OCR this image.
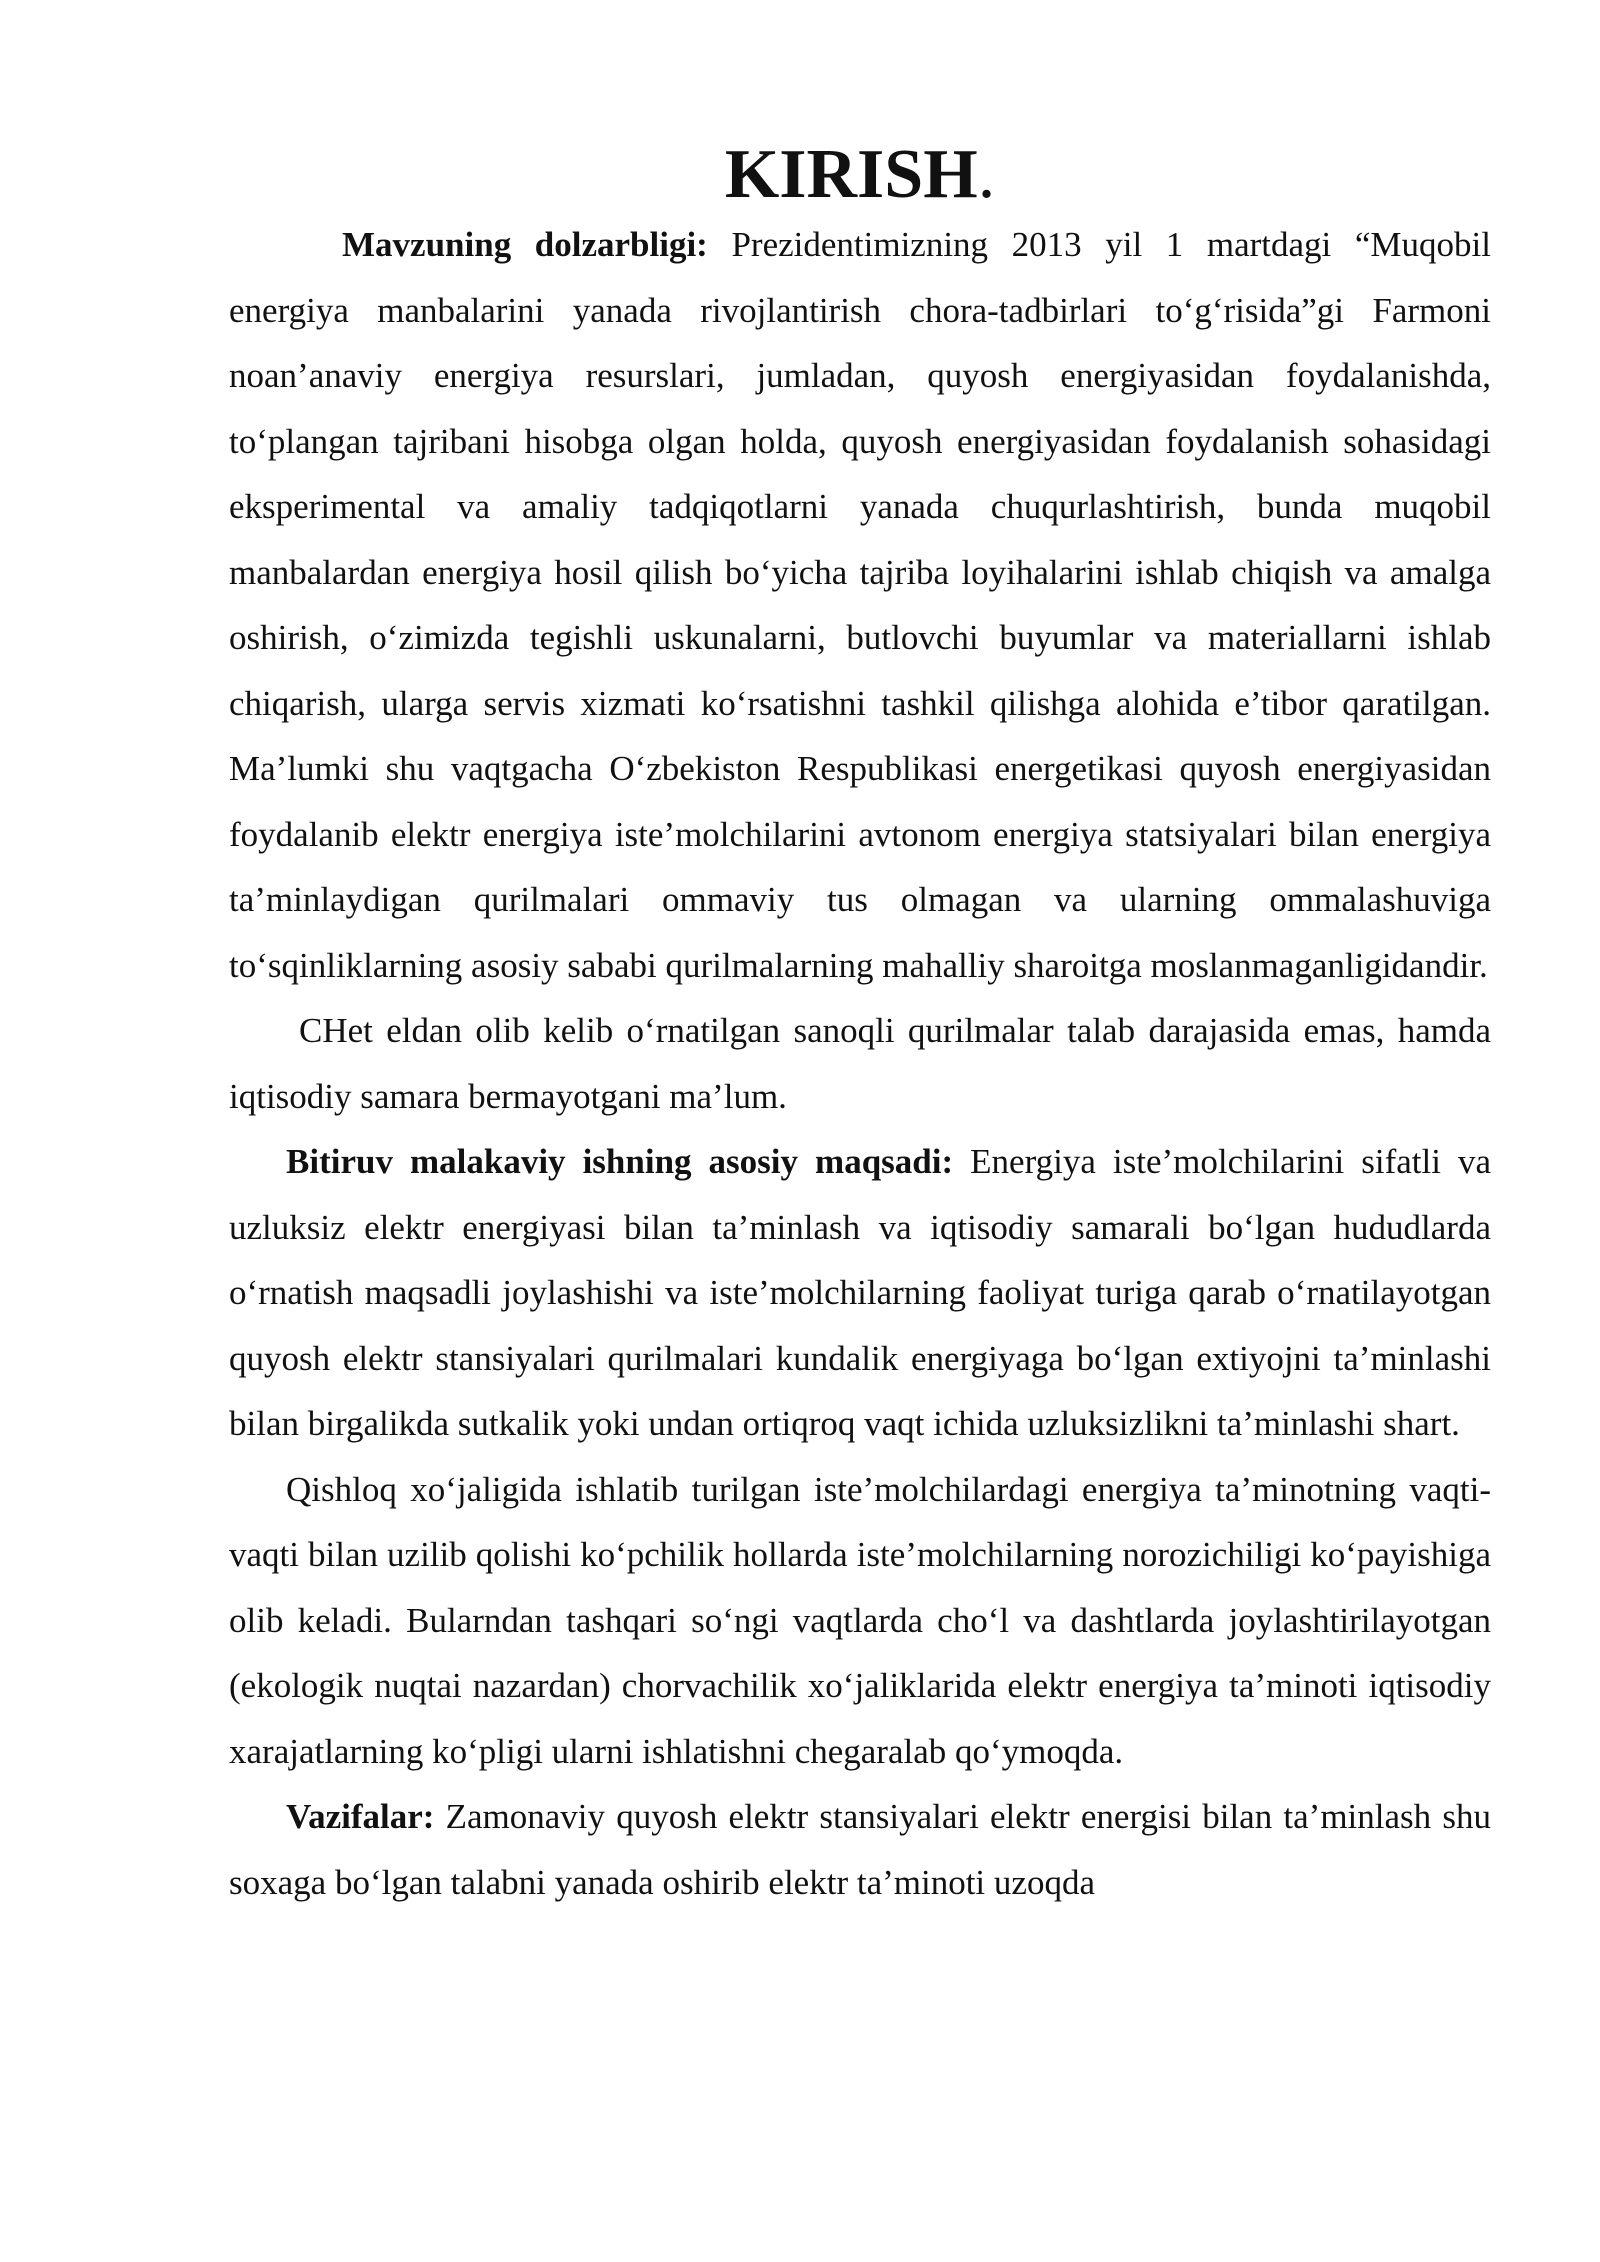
KIRISH.

Mavzuning dolzarbligi: Prezidentimizning 2013 yil 1 martdagi “Muqobil energiya manbalarini yanada rivojlantirish chora-tadbirlari to‘g‘risida”gi Farmoni noan’anaviy energiya resurslari, jumladan, quyosh energiyasidan foydalanishda, to‘plangan tajribani hisobga olgan holda, quyosh energiyasidan foydalanish sohasidagi eksperimental va amaliy tadqiqotlarni yanada chuqurlashtirish, bunda muqobil manbalardan energiya hosil qilish bo‘yicha tajriba loyihalarini ishlab chiqish va amalga oshirish, o‘zimizda tegishli uskunalarni, butlovchi buyumlar va materiallarni ishlab chiqarish, ularga servis xizmati ko‘rsatishni tashkil qilishga alohida e’tibor qaratilgan. Ma’lumki shu vaqtgacha O‘zbekiston Respublikasi energetikasi quyosh energiyasidan foydalanib elektr energiya iste’molchilarini avtonom energiya statsiyalari bilan energiya ta’minlaydigan qurilmalari ommaviy tus olmagan va ularning ommalashuviga to‘sqinliklarning asosiy sababi qurilmalarning mahalliy sharoitga moslanmaganligidandir.

CHet eldan olib kelib o‘rnatilgan sanoqli qurilmalar talab darajasida emas, hamda iqtisodiy samara bermayotgani ma’lum.

Bitiruv malakaviy ishning asosiy maqsadi: Energiya iste’molchilarini sifatli va uzluksiz elektr energiyasi bilan ta’minlash va iqtisodiy samarali bo‘lgan hududlarda o‘rnatish maqsadli joylashishi va iste’molchilarning faoliyat turiga qarab o‘rnatilayotgan quyosh elektr stansiyalari qurilmalari kundalik energiyaga bo‘lgan extiyojni ta’minlashi bilan birgalikda sutkalik yoki undan ortiqroq vaqt ichida uzluksizlikni ta’minlashi shart.

Qishloq xo‘jaligida ishlatib turilgan iste’molchilardagi energiya ta’minotning vaqti-vaqti bilan uzilib qolishi ko‘pchilik hollarda iste’molchilarning norozichiligi ko‘payishiga olib keladi. Bularndan tashqari so‘ngi vaqtlarda cho‘l va dashtlarda joylashtirilayotgan (ekologik nuqtai nazardan) chorvachilik xo‘jaliklarida elektr energiya ta’minoti iqtisodiy xarajatlarning ko‘pligi ularni ishlatishni chegaralab qo‘ymoqda.

Vazifalar: Zamonaviy quyosh elektr stansiyalari elektr energisi bilan ta’minlash shu soxaga bo‘lgan talabni yanada oshirib elektr ta’minoti uzoqda
